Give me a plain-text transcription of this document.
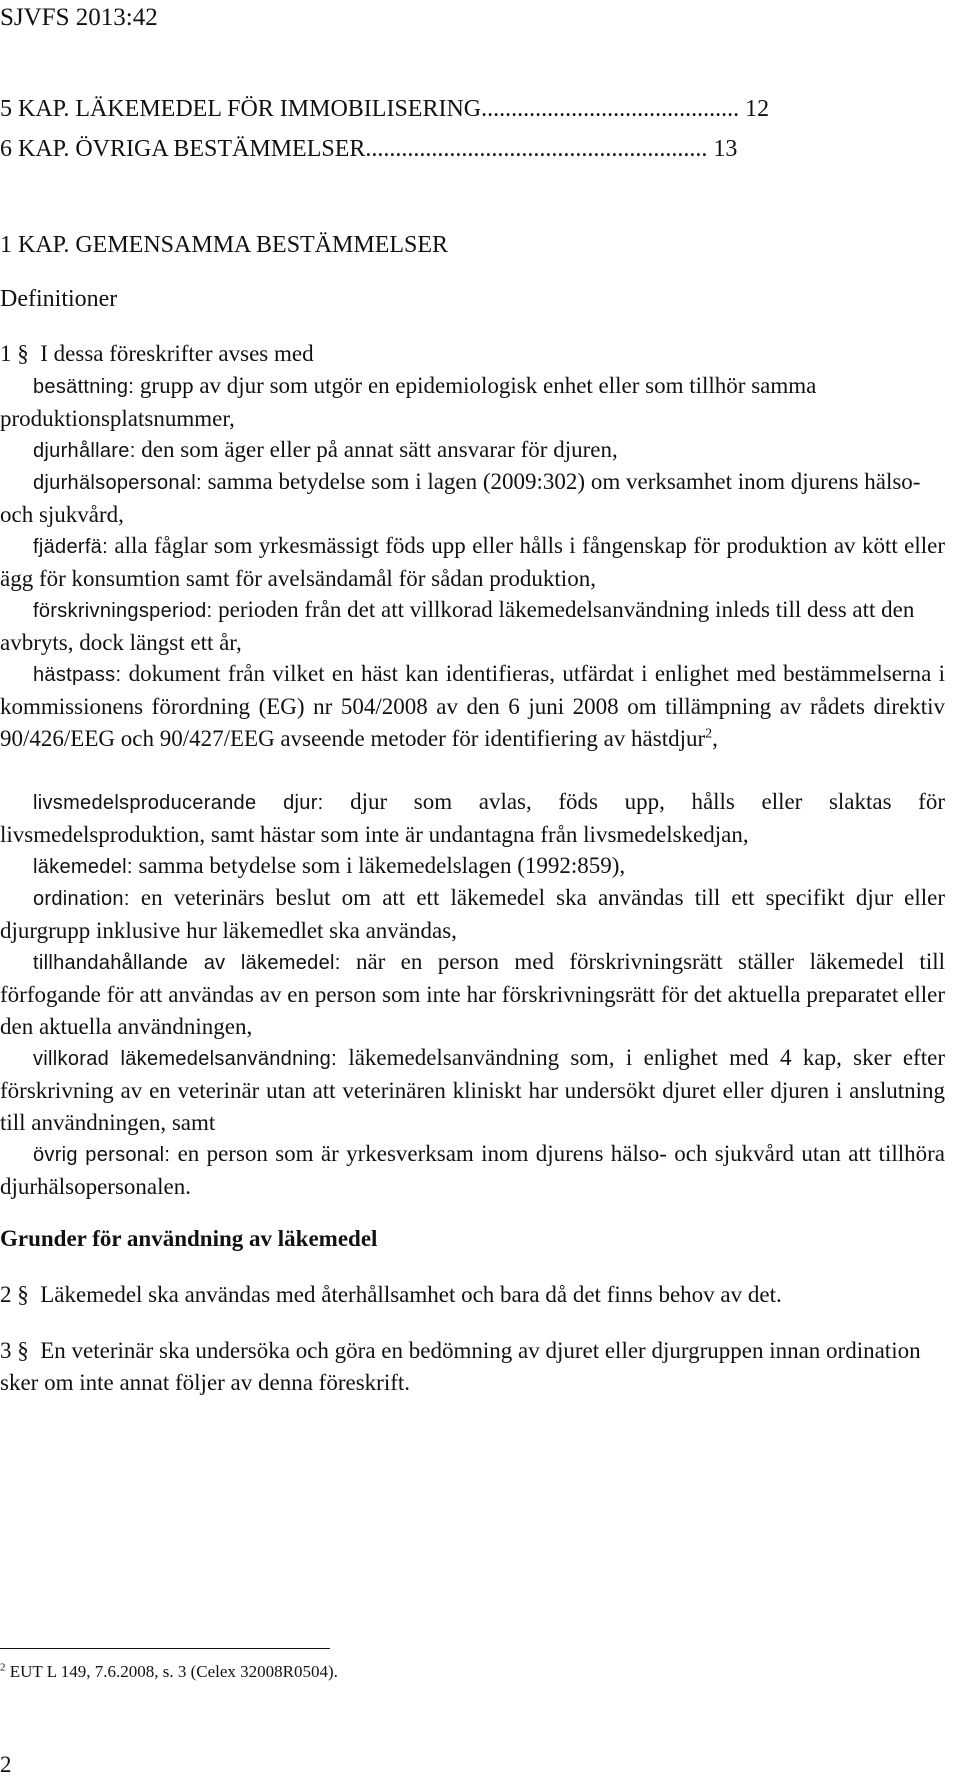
SJVFS 2013:42
5 KAP. LÄKEMEDEL FÖR IMMOBILISERING........................................... 12
6 KAP. ÖVRIGA BESTÄMMELSER......................................................... 13
1 KAP. GEMENSAMMA BESTÄMMELSER
Definitioner
1 § I dessa föreskrifter avses med
besättning: grupp av djur som utgör en epidemiologisk enhet eller som tillhör samma produktionsplatsnummer,
djurhållare: den som äger eller på annat sätt ansvarar för djuren,
djurhälsopersonal: samma betydelse som i lagen (2009:302) om verksamhet inom djurens hälso- och sjukvård,
fjäderfä: alla fåglar som yrkesmässigt föds upp eller hålls i fångenskap för produktion av kött eller ägg för konsumtion samt för avelsändamål för sådan produktion,
förskrivningsperiod: perioden från det att villkorad läkemedelsanvändning inleds till dess att den avbryts, dock längst ett år,
hästpass: dokument från vilket en häst kan identifieras, utfärdat i enlighet med bestämmelserna i kommissionens förordning (EG) nr 504/2008 av den 6 juni 2008 om tillämpning av rådets direktiv 90/426/EEG och 90/427/EEG avseende metoder för identifiering av hästdjur$^2$,
livsmedelsproducerande djur: djur som avlas, föds upp, hålls eller slaktas för livsmedelsproduktion, samt hästar som inte är undantagna från livsmedelskedjan,
läkemedel: samma betydelse som i läkemedelslagen (1992:859),
ordination: en veterinärs beslut om att ett läkemedel ska användas till ett specifikt djur eller djurgrupp inklusive hur läkemedlet ska användas,
tillhandahållande av läkemedel: när en person med förskrivningsrätt ställer läkemedel till förfogande för att användas av en person som inte har förskrivningsrätt för det aktuella preparatet eller den aktuella användningen,
villkorad läkemedelsanvändning: läkemedelsanvändning som, i enlighet med 4 kap, sker efter förskrivning av en veterinär utan att veterinären kliniskt har undersökt djuret eller djuren i anslutning till användningen, samt
övrig personal: en person som är yrkesverksam inom djurens hälso- och sjukvård utan att tillhöra djurhälsopersonalen.
Grunder för användning av läkemedel
2 § Läkemedel ska användas med återhållsamhet och bara då det finns behov av det.
3 § En veterinär ska undersöka och göra en bedömning av djuret eller djurgruppen innan ordination sker om inte annat följer av denna föreskrift.
$^2$ EUT L 149, 7.6.2008, s. 3 (Celex 32008R0504).
2
